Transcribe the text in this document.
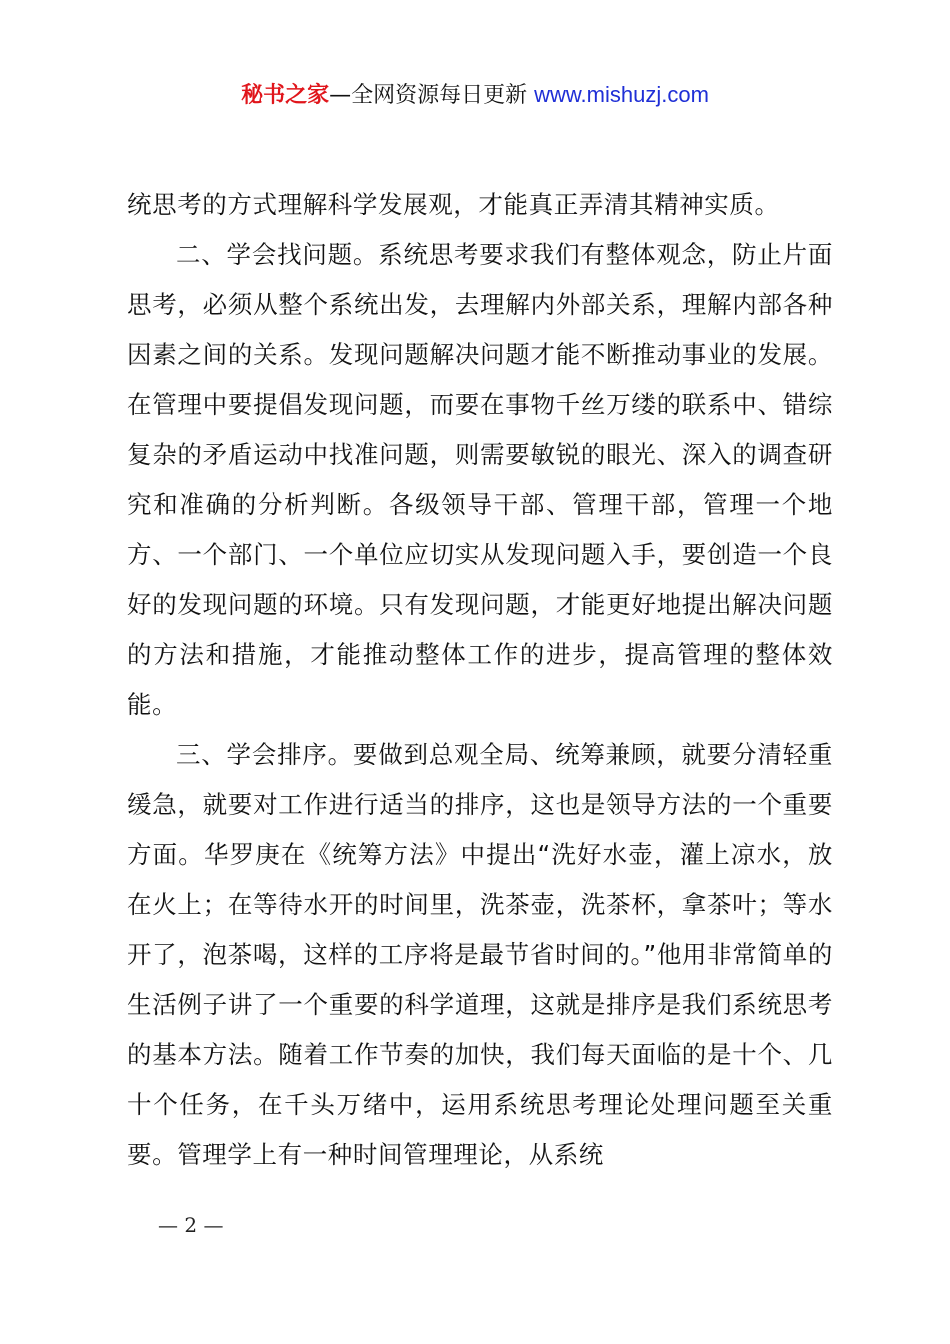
秘书之家—全网资源每日更新 www.mishuzj.com

统思考的方式理解科学发展观，才能真正弄清其精神实质。

二、学会找问题。系统思考要求我们有整体观念，防止片面思考，必须从整个系统出发，去理解内外部关系，理解内部各种因素之间的关系。发现问题解决问题才能不断推动事业的发展。在管理中要提倡发现问题，而要在事物千丝万缕的联系中、错综复杂的矛盾运动中找准问题，则需要敏锐的眼光、深入的调查研究和准确的分析判断。各级领导干部、管理干部，管理一个地方、一个部门、一个单位应切实从发现问题入手，要创造一个良好的发现问题的环境。只有发现问题，才能更好地提出解决问题的方法和措施，才能推动整体工作的进步，提高管理的整体效能。

三、学会排序。要做到总观全局、统筹兼顾，就要分清轻重缓急，就要对工作进行适当的排序，这也是领导方法的一个重要方面。华罗庚在《统筹方法》中提出“洗好水壶，灌上凉水，放在火上；在等待水开的时间里，洗茶壶，洗茶杯，拿茶叶；等水开了，泡茶喝，这样的工序将是最节省时间的。”他用非常简单的生活例子讲了一个重要的科学道理，这就是排序是我们系统思考的基本方法。随着工作节奏的加快，我们每天面临的是十个、几十个任务，在千头万绪中，运用系统思考理论处理问题至关重要。管理学上有一种时间管理理论，从系统

— 2 —
